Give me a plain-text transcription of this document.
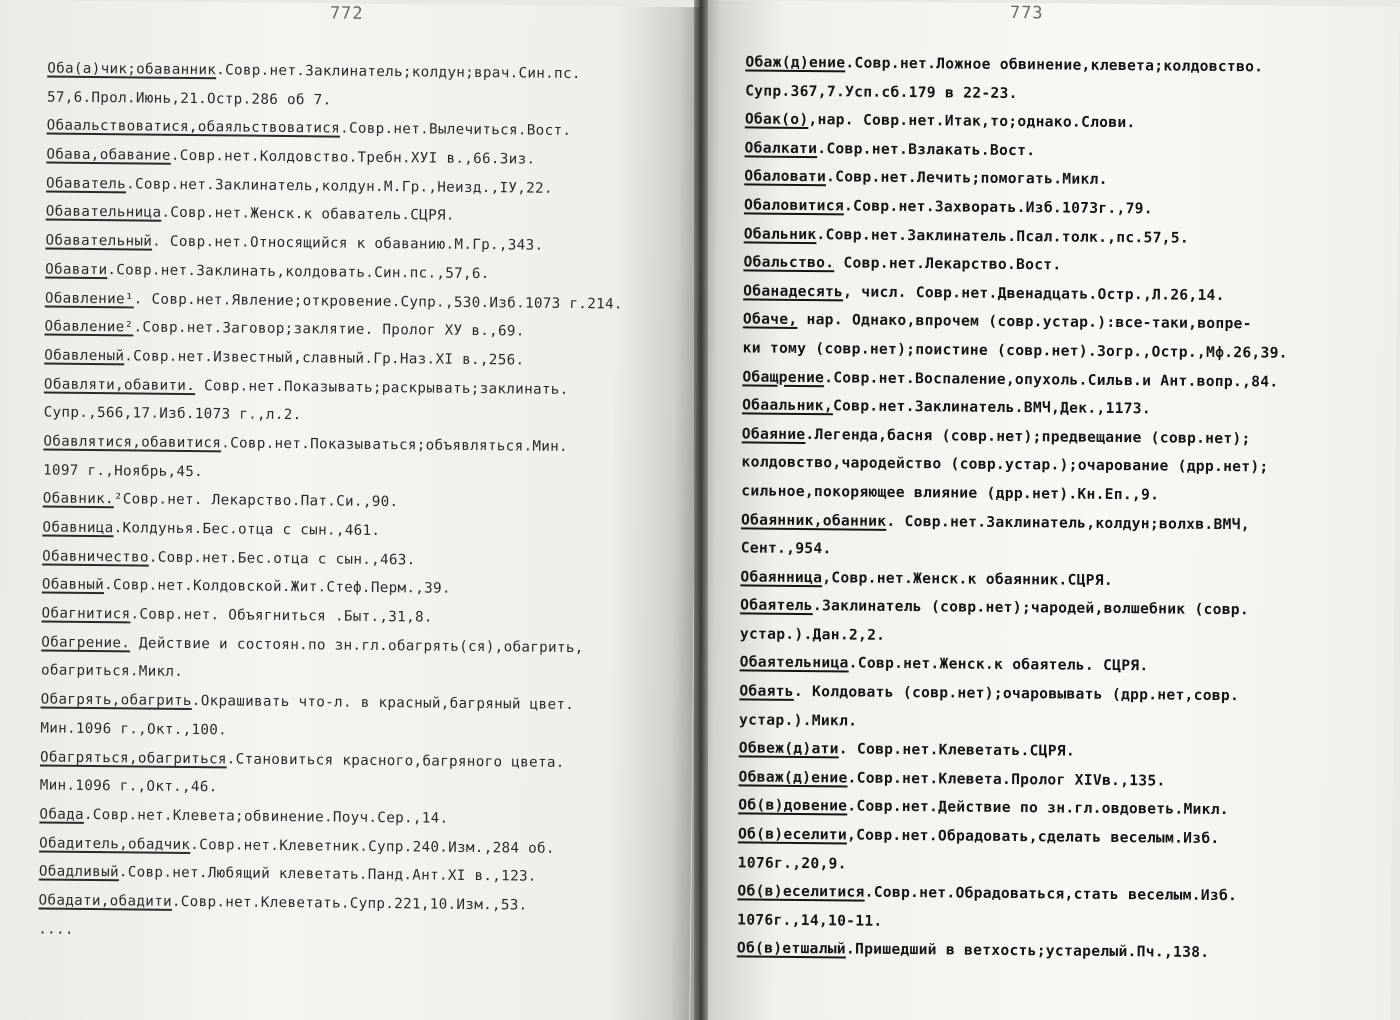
772
Оба(а)чик;обаванник.Совр.нет.Заклинатель;колдун;врач.Син.пс.
57,6.Прол.Июнь,21.Остр.286 об 7.
Обаальствоватися,обаяльствоватися.Совр.нет.Вылечиться.Вост.
Обава,обавание.Совр.нет.Колдовство.Требн.ХУI в.,66.Зиз.
Обаватель.Совр.нет.Заклинатель,колдун.М.Гр.,Неизд.,IУ,22.
Обавательница.Совр.нет.Женск.к обаватель.СЦРЯ.
Обавательный. Совр.нет.Относящийся к обаванию.М.Гр.,343.
Обавати.Совр.нет.Заклинать,колдовать.Син.пс.,57,6.
Обавление¹. Совр.нет.Явление;откровение.Супр.,530.Изб.1073 г.214.
Обавление².Совр.нет.Заговор;заклятие. Пролог ХУ в.,69.
Обавленый.Совр.нет.Известный,славный.Гр.Наз.XI в.,256.
Обавляти,обавити. Совр.нет.Показывать;раскрывать;заклинать.
Супр.,566,17.Изб.1073 г.,л.2.
Обавлятися,обавитися.Совр.нет.Показываться;объявляться.Мин.
1097 г.,Ноябрь,45.
Обавник.²Совр.нет. Лекарство.Пат.Си.,90.
Обавница.Колдунья.Бес.отца с сын.,461.
Обавничество.Совр.нет.Бес.отца с сын.,463.
Обавный.Совр.нет.Колдовской.Жит.Стеф.Перм.,39.
Обагнитися.Совр.нет. Объягниться .Быт.,31,8.
Обагрение. Действие и состоян.по зн.гл.обагрять(ся),обагрить,
обагриться.Микл.
Обагрять,обагрить.Окрашивать что-л. в красный,багряный цвет.
Мин.1096 г.,Окт.,100.
Обагряться,обагриться.Становиться красного,багряного цвета.
Мин.1096 г.,Окт.,46.
Обада.Совр.нет.Клевета;обвинение.Поуч.Сер.,14.
Обадитель,обадчик.Совр.нет.Клеветник.Супр.240.Изм.,284 об.
Обадливый.Совр.нет.Любящий клеветать.Панд.Ант.XI в.,123.
Обадати,обадити.Совр.нет.Клеветать.Супр.221,10.Изм.,53.
....
773
Обаж(д)ение.Совр.нет.Ложное обвинение,клевета;колдовство.
Супр.367,7.Усп.сб.179 в 22-23.
Обак(о),нар. Совр.нет.Итак,то;однако.Слови.
Обалкати.Совр.нет.Взлакать.Вост.
Обаловати.Совр.нет.Лечить;помогать.Микл.
Обаловитися.Совр.нет.Захворать.Изб.1073г.,79.
Обальник.Совр.нет.Заклинатель.Псал.толк.,пс.57,5.
Обальство. Совр.нет.Лекарство.Вост.
Обанадесять, числ. Совр.нет.Двенадцать.Остр.,Л.26,14.
Обаче, нар. Однако,впрочем (совр.устар.):все-таки,вопре-
ки тому (совр.нет);поистине (совр.нет).Зогр.,Остр.,Мф.26,39.
Обащрение.Совр.нет.Воспаление,опухоль.Сильв.и Ант.вопр.,84.
Обаальник,Совр.нет.Заклинатель.ВМЧ,Дек.,1173.
Обаяние.Легенда,басня (совр.нет);предвещание (совр.нет);
колдовство,чародейство (совр.устар.);очарование (дрр.нет);
сильное,покоряющее влияние (дрр.нет).Кн.Еп.,9.
Обаянник,обанник. Совр.нет.Заклинатель,колдун;волхв.ВМЧ,
Сент.,954.
Обаянница,Совр.нет.Женск.к обаянник.СЦРЯ.
Обаятель.Заклинатель (совр.нет);чародей,волшебник (совр.
устар.).Дан.2,2.
Обаятельница.Совр.нет.Женск.к обаятель. СЦРЯ.
Обаять. Колдовать (совр.нет);очаровывать (дрр.нет,совр.
устар.).Микл.
Обвеж(д)ати. Совр.нет.Клеветать.СЦРЯ.
Обваж(д)ение.Совр.нет.Клевета.Пролог XIVв.,135.
Об(в)довение.Совр.нет.Действие по зн.гл.овдоветь.Микл.
Об(в)еселити,Совр.нет.Обрадовать,сделать веселым.Изб.
1076г.,20,9.
Об(в)еселитися.Совр.нет.Обрадоваться,стать веселым.Изб.
1076г.,14,10-11.
Об(в)етшалый.Пришедший в ветхость;устарелый.Пч.,138.
